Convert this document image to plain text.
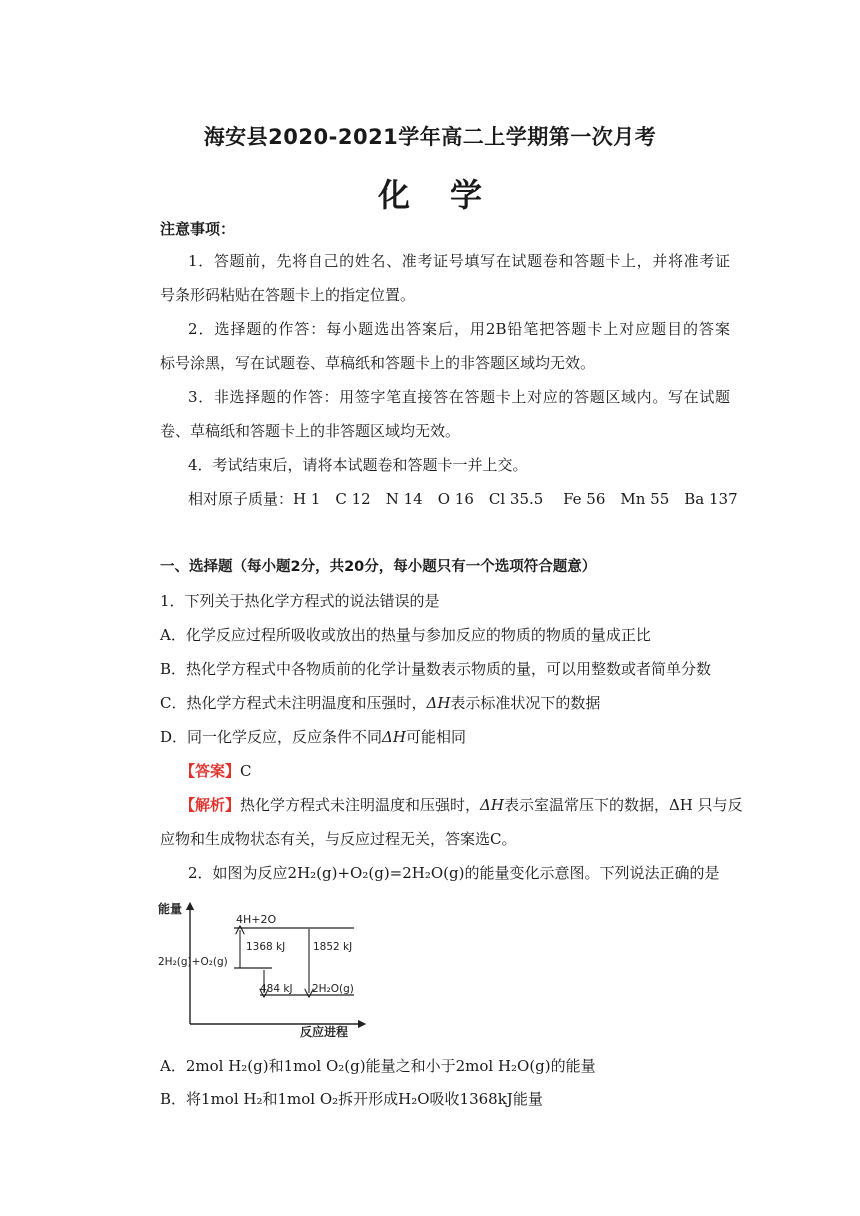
海安县2020-2021学年高二上学期第一次月考
化学
注意事项：
1．答题前，先将自己的姓名、准考证号填写在试题卷和答题卡上，并将准考证
号条形码粘贴在答题卡上的指定位置。
2．选择题的作答：每小题选出答案后，用2B铅笔把答题卡上对应题目的答案
标号涂黑，写在试题卷、草稿纸和答题卡上的非答题区域均无效。
3．非选择题的作答：用签字笔直接答在答题卡上对应的答题区域内。写在试题
卷、草稿纸和答题卡上的非答题区域均无效。
4．考试结束后，请将本试题卷和答题卡一并上交。
相对原子质量：H 1　C 12　N 14　O 16　Cl 35.5　 Fe 56　Mn 55　Ba 137
一、选择题（每小题2分，共20分，每小题只有一个选项符合题意）
1．下列关于热化学方程式的说法错误的是
A．化学反应过程所吸收或放出的热量与参加反应的物质的物质的量成正比
B．热化学方程式中各物质前的化学计量数表示物质的量，可以用整数或者简单分数
C．热化学方程式未注明温度和压强时，ΔH表示标准状况下的数据
D．同一化学反应，反应条件不同ΔH可能相同
【答案】C
【解析】热化学方程式未注明温度和压强时，ΔH表示室温常压下的数据，ΔH 只与反
应物和生成物状态有关，与反应过程无关，答案选C。
2．如图为反应2H₂(g)+O₂(g)=2H₂O(g)的能量变化示意图。下列说法正确的是
能量
反应进程
4H+2O
2H₂(g)+O₂(g)
1368 kJ	1852 kJ
484 kJ 2H₂O(g)
A．2mol H₂(g)和1mol O₂(g)能量之和小于2mol H₂O(g)的能量
B．将1mol H₂和1mol O₂拆开形成H₂O吸收1368kJ能量
